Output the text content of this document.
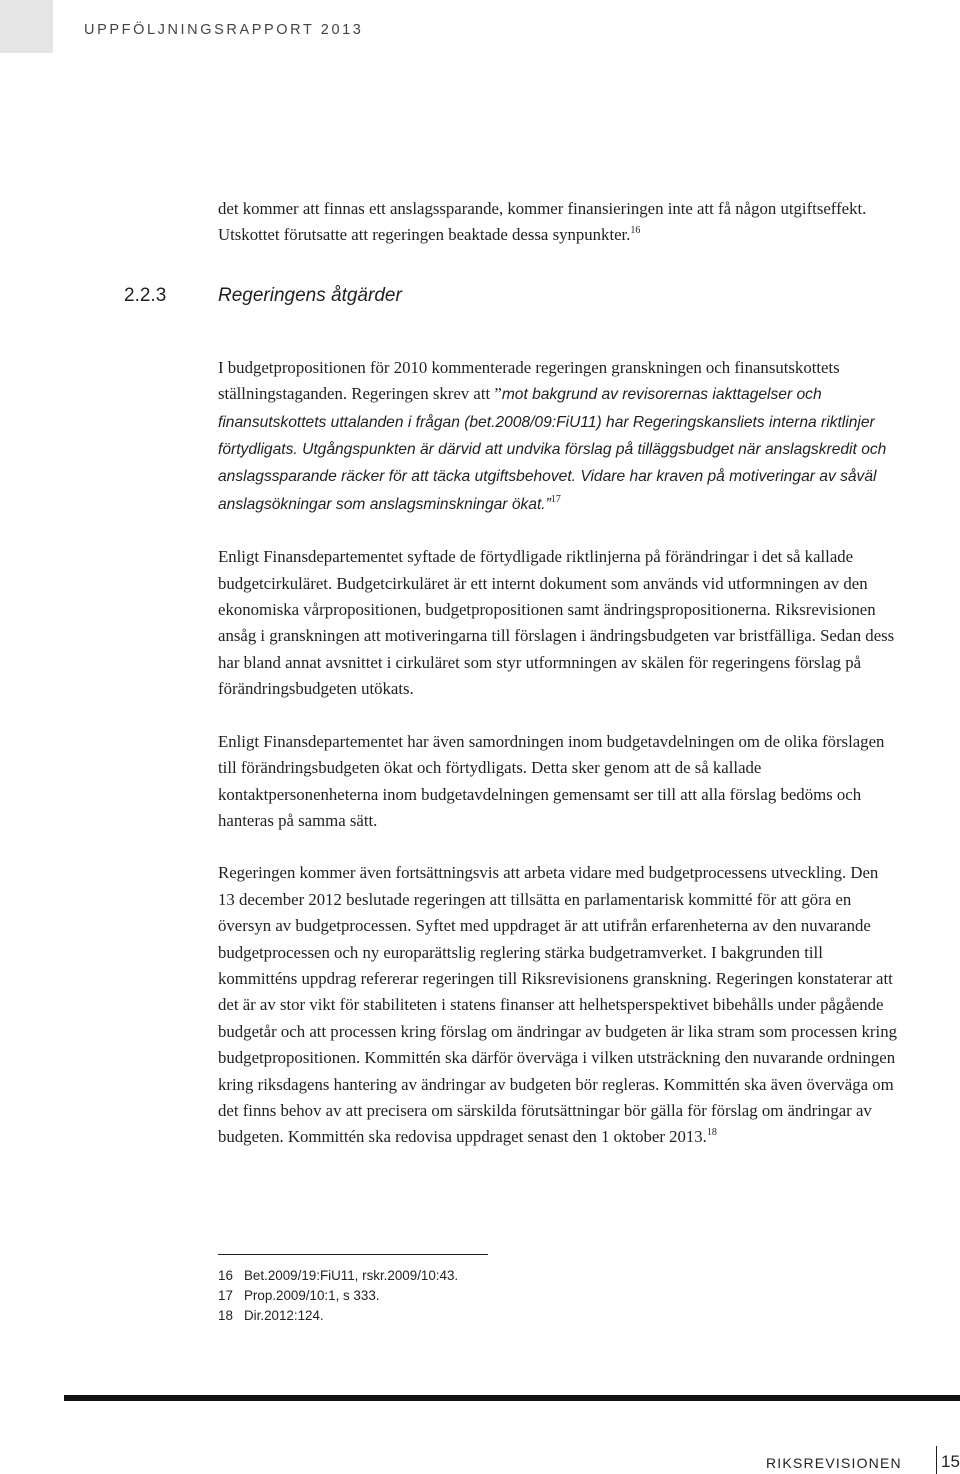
UPPFÖLJNINGSRAPPORT 2013
2.2.3	Regeringens åtgärder

det kommer att finnas ett anslagssparande, kommer finansieringen inte att få någon utgiftseffekt. Utskottet förutsatte att regeringen beaktade dessa synpunkter.$^{16}$

I budgetpropositionen för 2010 kommenterade regeringen granskningen och finansutskottets ställningstaganden. Regeringen skrev att ”mot bakgrund av revisorernas iakttagelser och finansutskottets uttalanden i frågan (bet.2008/09:FiU11) har Regeringskansliets interna riktlinjer förtydligats. Utgångspunkten är därvid att undvika förslag på tilläggsbudget när anslagskredit och anslagssparande räcker för att täcka utgiftsbehovet. Vidare har kraven på motiveringar av såväl anslagsökningar som anslagsminskningar ökat.”$^{17}$

Enligt Finansdepartementet syftade de förtydligade riktlinjerna på förändringar i det så kallade budgetcirkuläret. Budgetcirkuläret är ett internt dokument som används vid utformningen av den ekonomiska vårpropositionen, budgetpropositionen samt ändringspropositionerna. Riksrevisionen ansåg i granskningen att motiveringarna till förslagen i ändringsbudgeten var bristfälliga. Sedan dess har bland annat avsnittet i cirkuläret som styr utformningen av skälen för regeringens förslag på förändringsbudgeten utökats.

Enligt Finansdepartementet har även samordningen inom budgetavdelningen om de olika förslagen till förändringsbudgeten ökat och förtydligats. Detta sker genom att de så kallade kontaktpersonenheterna inom budgetavdelningen gemensamt ser till att alla förslag bedöms och hanteras på samma sätt.

Regeringen kommer även fortsättningsvis att arbeta vidare med budgetprocessens utveckling. Den 13 december 2012 beslutade regeringen att tillsätta en parlamentarisk kommitté för att göra en översyn av budgetprocessen. Syftet med uppdraget är att utifrån erfarenheterna av den nuvarande budgetprocessen och ny europarättslig reglering stärka budgetramverket. I bakgrunden till kommitténs uppdrag refererar regeringen till Riksrevisionens granskning. Regeringen konstaterar att det är av stor vikt för stabiliteten i statens finanser att helhetsperspektivet bibehålls under pågående budgetår och att processen kring förslag om ändringar av budgeten är lika stram som processen kring budgetpropositionen. Kommittén ska därför överväga i vilken utsträckning den nuvarande ordningen kring riksdagens hantering av ändringar av budgeten bör regleras. Kommittén ska även överväga om det finns behov av att precisera om särskilda förutsättningar bör gälla för förslag om ändringar av budgeten. Kommittén ska redovisa uppdraget senast den 1 oktober 2013.18

16 Bet.2009/19:FiU11, rskr.2009/10:43.
17 Prop.2009/10:1, s 333.
18 Dir.2012:124.
RIKSREVISIONEN 15
